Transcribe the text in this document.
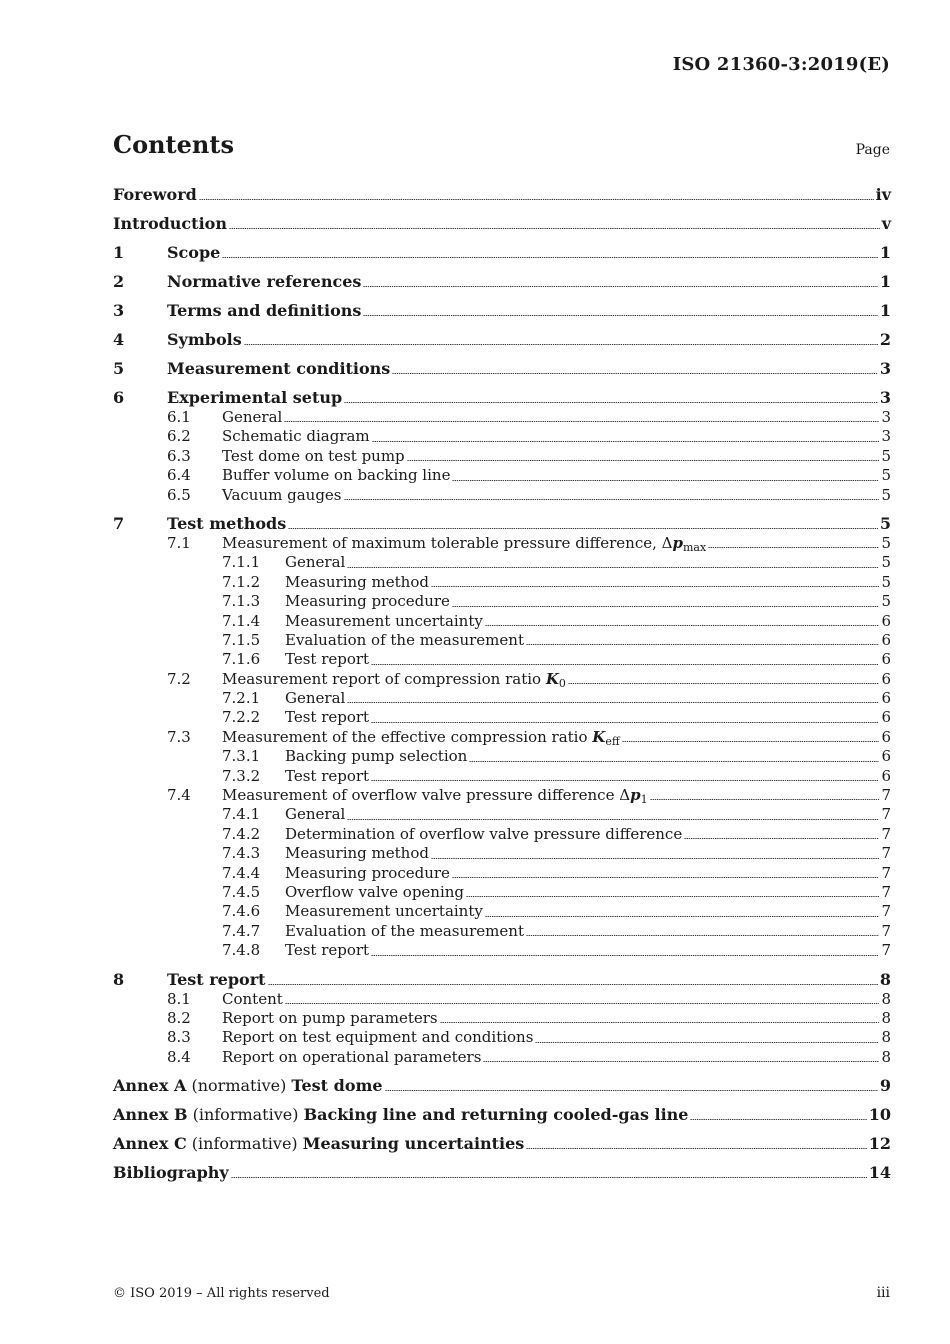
ISO 21360-3:2019(E)
Contents	Page
Foreword	iv
Introduction	v
1	Scope	1
2	Normative references	1
3	Terms and definitions	1
4	Symbols	2
5	Measurement conditions	3
6	Experimental setup	3
6.1 General	3
6.2 Schematic diagram	3
6.3 Test dome on test pump	5
6.4 Buffer volume on backing line	5
6.5 Vacuum gauges	5
7	Test methods	5
7.1 Measurement of maximum tolerable pressure difference, $\Delta p_{max}$	5
7.1.1 General	5
7.1.2 Measuring method	5
7.1.3 Measuring procedure	5
7.1.4 Measurement uncertainty	6
7.1.5 Evaluation of the measurement	6
7.1.6 Test report	6
7.2 Measurement report of compression ratio $K_0$	6
7.2.1 General	6
7.2.2 Test report	6
7.3 Measurement of the effective compression ratio $K_{eff}$	6
7.3.1 Backing pump selection	6
7.3.2 Test report	6
7.4 Measurement of overflow valve pressure difference $\Delta p_1$	7
7.4.1 General	7
7.4.2 Determination of overflow valve pressure difference	7
7.4.3 Measuring method	7
7.4.4 Measuring procedure	7
7.4.5 Overflow valve opening	7
7.4.6 Measurement uncertainty	7
7.4.7 Evaluation of the measurement	7
7.4.8 Test report	7
8	Test report	8
8.1 Content	8
8.2 Report on pump parameters	8
8.3 Report on test equipment and conditions	8
8.4 Report on operational parameters	8
Annex A (normative) Test dome	9
Annex B (informative) Backing line and returning cooled-gas line	10
Annex C (informative) Measuring uncertainties	12
Bibliography	14
© ISO 2019 – All rights reserved	iii
